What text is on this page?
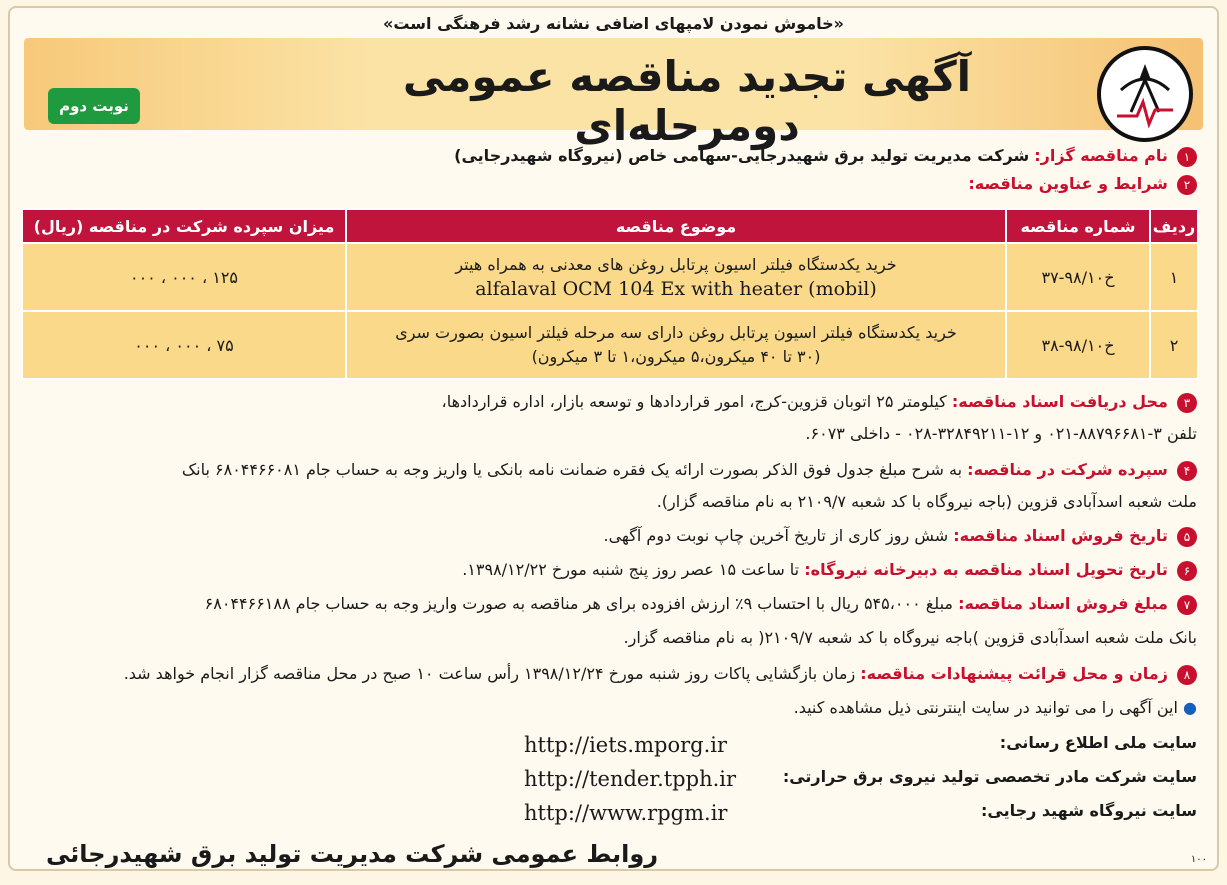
«خاموش نمودن لامپهای اضافی نشانه رشد فرهنگی است»
آگهی تجدید مناقصه عمومی دومرحله‌ای
نوبت دوم
۱ نام مناقصه گزار: شرکت مدیریت تولید برق شهیدرجایی-سهامی خاص (نیروگاه شهیدرجایی)
۲ شرایط و عناوین مناقصه:
ردیف	شماره مناقصه	موضوع مناقصه	میزان سپرده شرکت در مناقصه (ریال)
۱	خ۹۸/۱۰-۳۷	خرید یکدستگاه فیلتر اسیون پرتابل روغن های معدنی به همراه هیتر
(mobil) alfalaval OCM 104 Ex with heater	۱۲۵ ، ۰۰۰ ، ۰۰۰
۲	خ۹۸/۱۰-۳۸	خرید یکدستگاه فیلتر اسیون پرتابل روغن دارای سه مرحله فیلتر اسیون بصورت سری
(۳۰ تا ۴۰ میکرون،۵ میکرون،۱ تا ۳ میکرون)	۷۵ ، ۰۰۰ ، ۰۰۰
۳ محل دریافت اسناد مناقصه: کیلومتر ۲۵ اتوبان قزوین-کرج، امور قراردادها و توسعه بازار، اداره قراردادها،
تلفن ۳-۸۸۷۹۶۶۸۱-۰۲۱ و ۱۲-۳۲۸۴۹۲۱۱-۰۲۸ - داخلی ۶۰۷۳.
۴ سپرده شرکت در مناقصه: به شرح مبلغ جدول فوق الذکر بصورت ارائه یک فقره ضمانت نامه بانکی یا واریز وجه به حساب جام ۶۸۰۴۴۶۶۰۸۱ بانک
ملت شعبه اسدآبادی قزوین (باجه نیروگاه با کد شعبه ۲۱۰۹/۷ به نام مناقصه گزار).
۵ تاریخ فروش اسناد مناقصه: شش روز کاری از تاریخ آخرین چاپ نوبت دوم آگهی.
۶ تاریخ تحویل اسناد مناقصه به دبیرخانه نیروگاه: تا ساعت ۱۵ عصر روز پنج شنبه مورخ ۱۳۹۸/۱۲/۲۲.
۷ مبلغ فروش اسناد مناقصه: مبلغ ۵۴۵،۰۰۰ ریال با احتساب ۹٪ ارزش افزوده برای هر مناقصه به صورت واریز وجه به حساب جام ۶۸۰۴۴۶۶۱۸۸
بانک ملت شعبه اسدآبادی قزوین )باجه نیروگاه با کد شعبه ۲۱۰۹/۷( به نام مناقصه گزار.
۸ زمان و محل قرائت پیشنهادات مناقصه: زمان بازگشایی پاکات روز شنبه مورخ ۱۳۹۸/۱۲/۲۴ رأس ساعت ۱۰ صبح در محل مناقصه گزار انجام خواهد شد.
● این آگهی را می توانید در سایت اینترنتی ذیل مشاهده کنید.
سایت ملی اطلاع رسانی:
http://iets.mporg.ir
سایت شرکت مادر تخصصی تولید نیروی برق حرارتی:
http://tender.tpph.ir
سایت نیروگاه شهید رجایی:
http://www.rpgm.ir
روابط عمومی شرکت مدیریت تولید برق شهیدرجائی	۱۰۰
